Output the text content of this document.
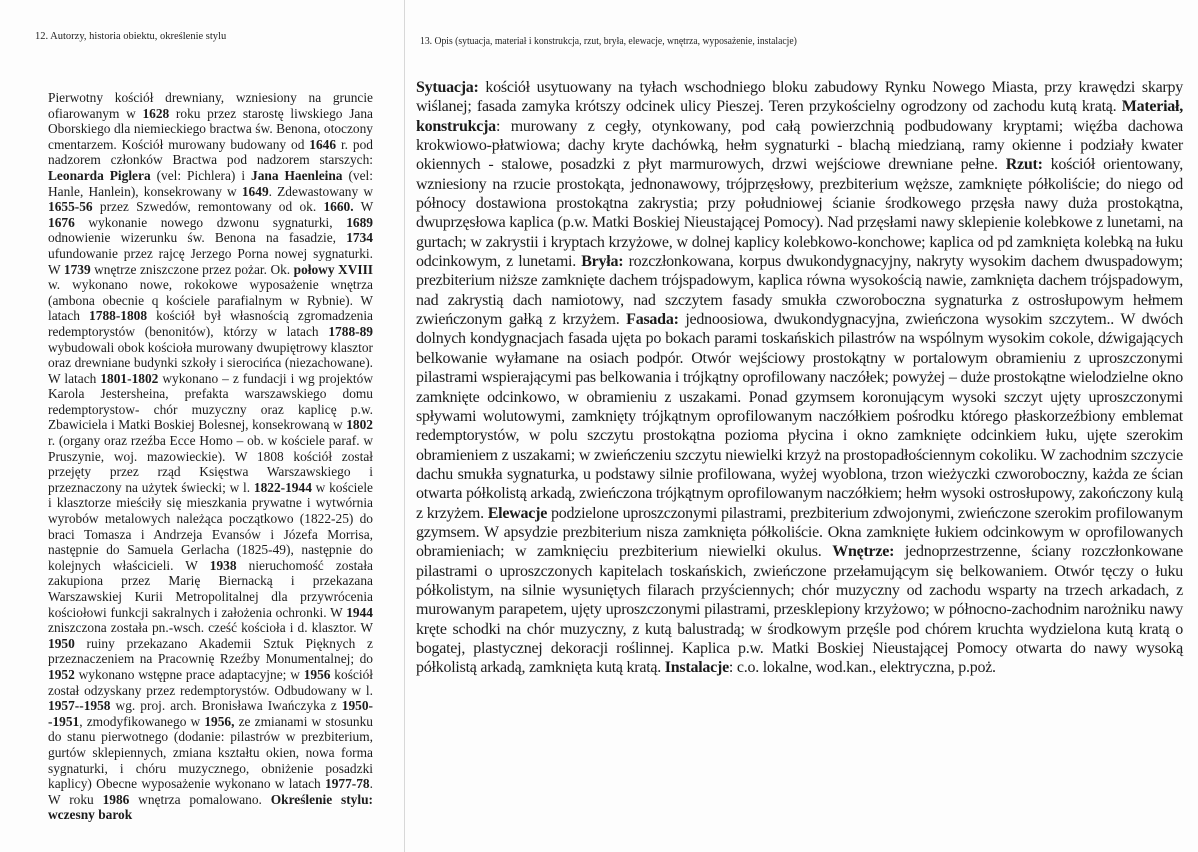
12. Autorzy, historia obiektu, określenie stylu	13. Opis (sytuacja, materiał i konstrukcja, rzut, bryła, elewacje, wnętrza, wyposażenie, instalacje)
Pierwotny kościół drewniany, wzniesiony na gruncie ofiarowanym w 1628 roku przez starostę liwskiego Jana Oborskiego dla niemieckiego bractwa św. Benona, otoczony cmentarzem. Kościół murowany budowany od 1646 r. pod nadzorem członków Bractwa pod nadzorem starszych: Leonarda Piglera (vel: Pichlera) i Jana Haenleina (vel: Hanle, Hanlein), konsekrowany w 1649. Zdewastowany w 1655-56 przez Szwedów, remontowany od ok. 1660. W 1676 wykonanie nowego dzwonu sygnaturki, 1689 odnowienie wizerunku św. Benona na fasadzie, 1734 ufundowanie przez rajcę Jerzego Porna nowej sygnaturki. W 1739 wnętrze zniszczone przez pożar. Ok. połowy XVIII w. wykonano nowe, rokokowe wyposażenie wnętrza (ambona obecnie q kościele parafialnym w Rybnie). W latach 1788-1808 kościół był własnością zgromadzenia redemptorystów (benonitów), którzy w latach 1788-89 wybudowali obok kościoła murowany dwupiętrowy klasztor oraz drewniane budynki szkoły i sierocińca (niezachowane). W latach 1801-1802 wykonano – z fundacji i wg projektów Karola Jestersheina, prefakta warszawskiego domu redemptorystow- chór muzyczny oraz kaplicę p.w. Zbawiciela i Matki Boskiej Bolesnej, konsekrowaną w 1802 r. (organy oraz rzeźba Ecce Homo – ob. w kościele paraf. w Pruszynie, woj. mazowieckie). W 1808 kościół został przejęty przez rząd Księstwa Warszawskiego i przeznaczony na użytek świecki; w l. 1822-1944 w kościele i klasztorze mieściły się mieszkania prywatne i wytwórnia wyrobów metalowych należąca początkowo (1822-25) do braci Tomasza i Andrzeja Evansów i Józefa Morrisa, następnie do Samuela Gerlacha (1825-49), następnie do kolejnych właścicieli. W 1938 nieruchomość została zakupiona przez Marię Biernacką i przekazana Warszawskiej Kurii Metropolitalnej dla przywrócenia kościołowi funkcji sakralnych i założenia ochronki. W 1944 zniszczona została pn.-wsch. cześć kościoła i d. klasztor. W 1950 ruiny przekazano Akademii Sztuk Pięknych z przeznaczeniem na Pracownię Rzeźby Monumentalnej; do 1952 wykonano wstępne prace adaptacyjne; w 1956 kościół został odzyskany przez redemptorystów. Odbudowany w l. 1957--1958 wg. proj. arch. Bronisława Iwańczyka z 1950--1951, zmodyfikowanego w 1956, ze zmianami w stosunku do stanu pierwotnego (dodanie: pilastrów w prezbiterium, gurtów sklepiennych, zmiana kształtu okien, nowa forma sygnaturki, i chóru muzycznego, obniżenie posadzki kaplicy) Obecne wyposażenie wykonano w latach 1977-78. W roku 1986 wnętrza pomalowano. Określenie stylu: wczesny barok
Sytuacja: kościół usytuowany na tyłach wschodniego bloku zabudowy Rynku Nowego Miasta, przy krawędzi skarpy wiślanej; fasada zamyka krótszy odcinek ulicy Pieszej. Teren przykościelny ogrodzony od zachodu kutą kratą. Materiał, konstrukcja: murowany z cegły, otynkowany, pod całą powierzchnią podbudowany kryptami; więźba dachowa krokwiowo-płatwiowa; dachy kryte dachówką, hełm sygnaturki - blachą miedzianą, ramy okienne i podziały kwater okiennych - stalowe, posadzki z płyt marmurowych, drzwi wejściowe drewniane pełne. Rzut: kościół orientowany, wzniesiony na rzucie prostokąta, jednonawowy, trójprzęsłowy, prezbiterium węższe, zamknięte półkoliście; do niego od północy dostawiona prostokątna zakrystia; przy południowej ścianie środkowego przęsła nawy duża prostokątna, dwuprzęsłowa kaplica (p.w. Matki Boskiej Nieustającej Pomocy). Nad przęsłami nawy sklepienie kolebkowe z lunetami, na gurtach; w zakrystii i kryptach krzyżowe, w dolnej kaplicy kolebkowo-konchowe; kaplica od pd zamknięta kolebką na łuku odcinkowym, z lunetami. Bryła: rozczłonkowana, korpus dwukondygnacyjny, nakryty wysokim dachem dwuspadowym; prezbiterium niższe zamknięte dachem trójspadowym, kaplica równa wysokością nawie, zamknięta dachem trójspadowym, nad zakrystią dach namiotowy, nad szczytem fasady smukła czworoboczna sygnaturka z ostrosłupowym hełmem zwieńczonym gałką z krzyżem. Fasada: jednoosiowa, dwukondygnacyjna, zwieńczona wysokim szczytem.. W dwóch dolnych kondygnacjach fasada ujęta po bokach parami toskańskich pilastrów na wspólnym wysokim cokole, dźwigających belkowanie wyłamane na osiach podpór. Otwór wejściowy prostokątny w portalowym obramieniu z uproszczonymi pilastrami wspierającymi pas belkowania i trójkątny oprofilowany naczółek; powyżej – duże prostokątne wielodzielne okno zamknięte odcinkowo, w obramieniu z uszakami. Ponad gzymsem koronującym wysoki szczyt ujęty uproszczonymi spływami wolutowymi, zamknięty trójkątnym oprofilowanym naczółkiem pośrodku którego płaskorzeźbiony emblemat redemptorystów, w polu szczytu prostokątna pozioma płycina i okno zamknięte odcinkiem łuku, ujęte szerokim obramieniem z uszakami; w zwieńczeniu szczytu niewielki krzyż na prostopadłościennym cokoliku. W zachodnim szczycie dachu smukła sygnaturka, u podstawy silnie profilowana, wyżej wyoblona, trzon wieżyczki czworoboczny, każda ze ścian otwarta półkolistą arkadą, zwieńczona trójkątnym oprofilowanym naczółkiem; hełm wysoki ostrosłupowy, zakończony kulą z krzyżem. Elewacje podzielone uproszczonymi pilastrami, prezbiterium zdwojonymi, zwieńczone szerokim profilowanym gzymsem. W apsydzie prezbiterium nisza zamknięta półkoliście. Okna zamknięte łukiem odcinkowym w oprofilowanych obramieniach; w zamknięciu prezbiterium niewielki okulus. Wnętrze: jednoprzestrzenne, ściany rozczłonkowane pilastrami o uproszczonych kapitelach toskańskich, zwieńczone przełamującym się belkowaniem. Otwór tęczy o łuku półkolistym, na silnie wysuniętych filarach przyściennych; chór muzyczny od zachodu wsparty na trzech arkadach, z murowanym parapetem, ujęty uproszczonymi pilastrami, przesklepiony krzyżowo; w północno-zachodnim narożniku nawy kręte schodki na chór muzyczny, z kutą balustradą; w środkowym przęśle pod chórem kruchta wydzielona kutą kratą o bogatej, plastycznej dekoracji roślinnej. Kaplica p.w. Matki Boskiej Nieustającej Pomocy otwarta do nawy wysoką półkolistą arkadą, zamknięta kutą kratą. Instalacje: c.o. lokalne, wod.kan., elektryczna, p.poż.
